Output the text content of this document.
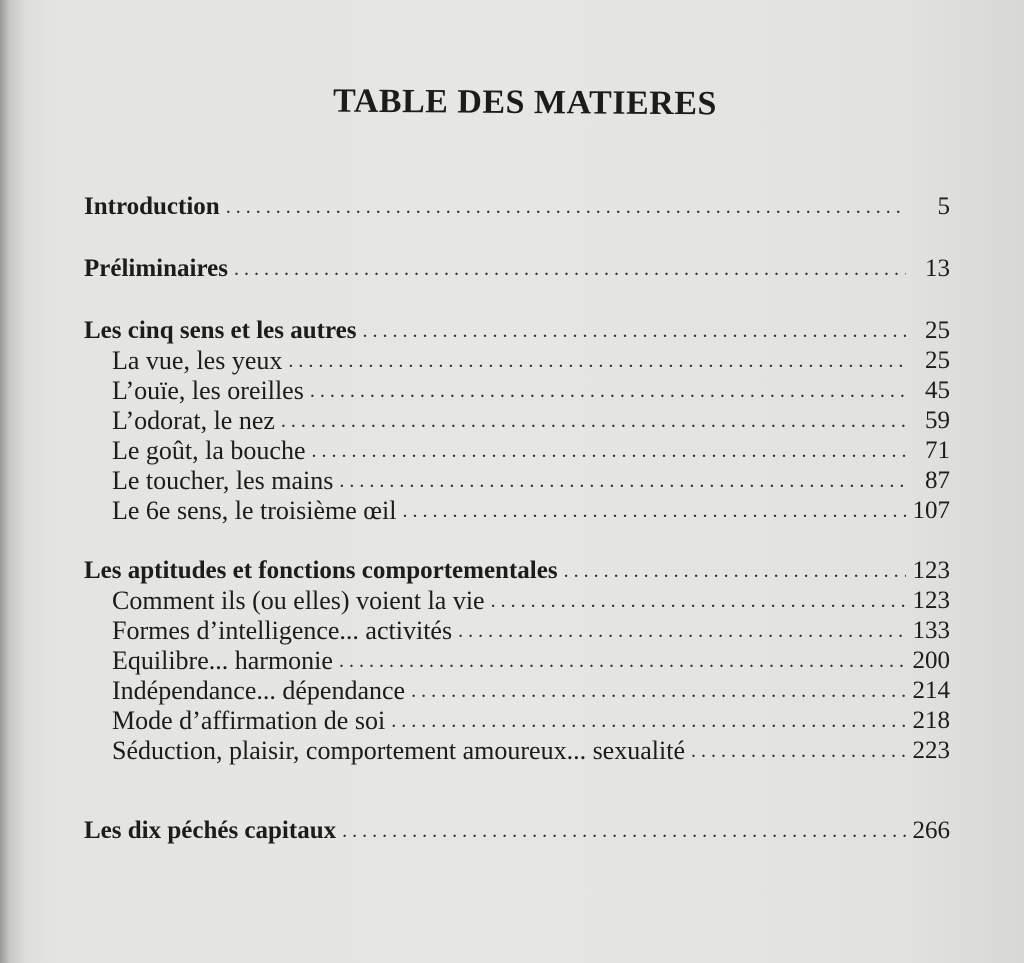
TABLE DES MATIERES
Introduction . . .	5
Préliminaires . . .	13
Les cinq sens et les autres . . .	25
La vue, les yeux . . .	25
L’ouïe, les oreilles . . .	45
L’odorat, le nez . . .	59
Le goût, la bouche . . .	71
Le toucher, les mains . . .	87
Le 6e sens, le troisième œil . . .	107
Les aptitudes et fonctions comportementales . . .	123
Comment ils (ou elles) voient la vie . . .	123
Formes d’intelligence... activités . . .	133
Equilibre... harmonie . . .	200
Indépendance... dépendance . . .	214
Mode d’affirmation de soi . . .	218
Séduction, plaisir, comportement amoureux... sexualité . . .	223
Les dix péchés capitaux . . .	266
